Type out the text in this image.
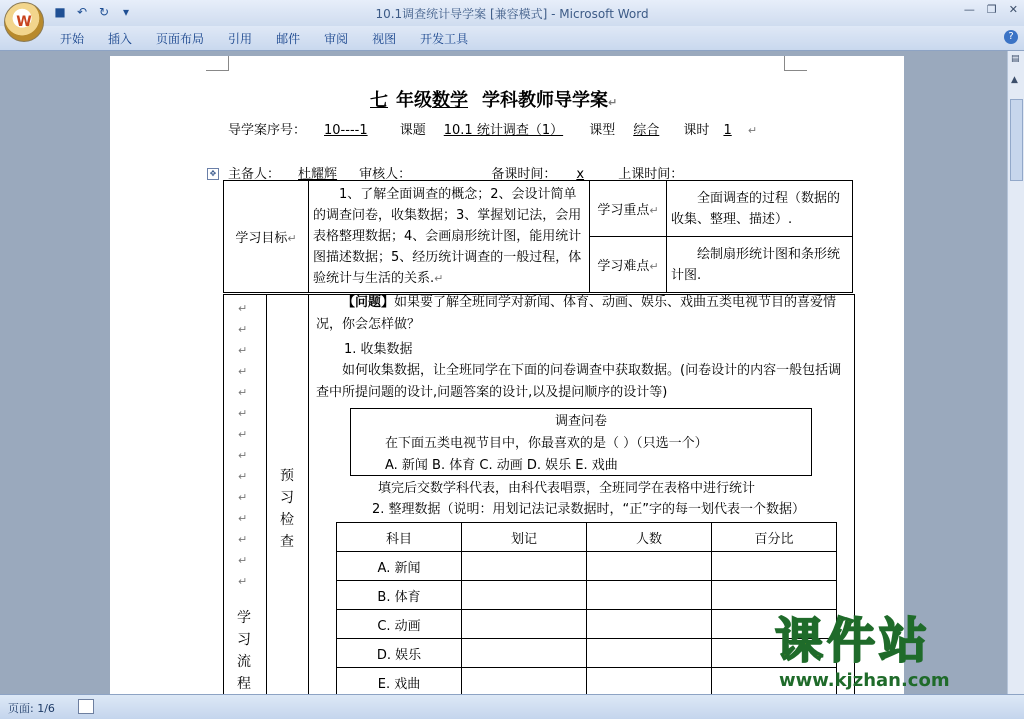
■ ↶ ↻	▾	10.1调查统计导学案 [兼容模式] - Microsoft Word	— ❐ ✕
W
开始 插入 页面布局 引用 邮件 审阅 视图 开发工具	?
七 年级数学 学科教师导学案↵
导学案序号： 10----1 课题 10.1 统计调查（1） 课型 综合 课时 1 ↵
主备人： 杜耀辉 审核人：	备课时间： x	上课时间：
✥
学习目标↵	1、了解全面调查的概念；2、会设计简单的调查问卷，收集数据；3、掌握划记法，会用表格整理数据；4、会画扇形统计图，能用统计图描述数据；5、经历统计调查的一般过程，体验统计与生活的关系.↵	学习重点↵	全面调查的过程（数据的收集、整理、描述）.
		学习难点↵	绘制扇形统计图和条形统计图.
↵
↵
↵
↵
↵
↵
↵
↵
↵
↵
↵
↵
↵
↵
学习流程
预习检查
【问题】如果要了解全班同学对新闻、体育、动画、娱乐、戏曲五类电视节目的喜爱情况，你会怎样做？
1. 收集数据
如何收集数据，让全班同学在下面的问卷调查中获取数据。(问卷设计的内容一般包括调查中所提问题的设计,问题答案的设计,以及提问顺序的设计等)
调查问卷
在下面五类电视节目中，你最喜欢的是（ ）（只选一个）
A. 新闻 B. 体育 C. 动画 D. 娱乐 E. 戏曲
填完后交数学科代表，由科代表唱票，全班同学在表格中进行统计
2. 整理数据（说明：用划记法记录数据时，“正”字的每一划代表一个数据）
科目	划记	人数	百分比
A. 新闻			
B. 体育			
C. 动画			
D. 娱乐			
E. 戏曲			
▤
▲
页面: 1/6
课件站
www.kjzhan.com
